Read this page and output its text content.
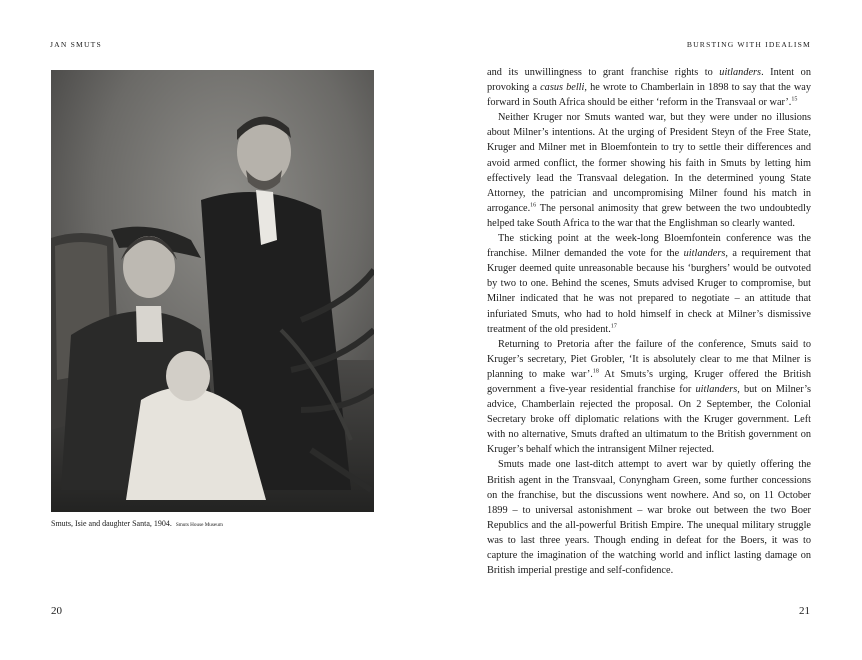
JAN SMUTS
Smuts, Isie and daughter Santa, 1904. Smuts House Museum
20
BURSTING WITH IDEALISM

and its unwillingness to grant franchise rights to uitlanders. Intent on provoking a casus belli, he wrote to Chamberlain in 1898 to say that the way forward in South Africa should be either ‘reform in the Transvaal or war’.$^{15}$

Neither Kruger nor Smuts wanted war, but they were under no illusions about Milner’s intentions. At the urging of President Steyn of the Free State, Kruger and Milner met in Bloemfontein to try to settle their differences and avoid armed conflict, the former showing his faith in Smuts by letting him effectively lead the Transvaal delegation. In the determined young State Attorney, the patrician and uncompromising Milner found his match in arrogance.$^{16}$ The personal animosity that grew between the two undoubtedly helped take South Africa to the war that the Englishman so clearly wanted.

The sticking point at the week-long Bloemfontein conference was the franchise. Milner demanded the vote for the uitlanders, a requirement that Kruger deemed quite unreasonable because his ‘burghers’ would be outvoted by two to one. Behind the scenes, Smuts advised Kruger to compromise, but Milner indicated that he was not prepared to negotiate – an attitude that infuriated Smuts, who had to hold himself in check at Milner’s dismissive treatment of the old president.$^{17}$

Returning to Pretoria after the failure of the conference, Smuts said to Kruger’s secretary, Piet Grobler, ‘It is absolutely clear to me that Milner is planning to make war’.$^{18}$ At Smuts’s urging, Kruger offered the British government a five-year residential franchise for uitlanders, but on Milner’s advice, Chamberlain rejected the proposal. On 2 September, the Colonial Secretary broke off diplomatic relations with the Kruger government. Left with no alternative, Smuts drafted an ultimatum to the British government on Kruger’s behalf which the intransigent Milner rejected.

Smuts made one last-ditch attempt to avert war by quietly offering the British agent in the Transvaal, Conyngham Green, some further concessions on the franchise, but the discussions went nowhere. And so, on 11 October 1899 – to universal astonishment – war broke out between the two Boer Republics and the all-powerful British Empire. The unequal military struggle was to last three years. Though ending in defeat for the Boers, it was to capture the imagination of the watching world and inflict lasting damage on British imperial prestige and self-confidence.

21
